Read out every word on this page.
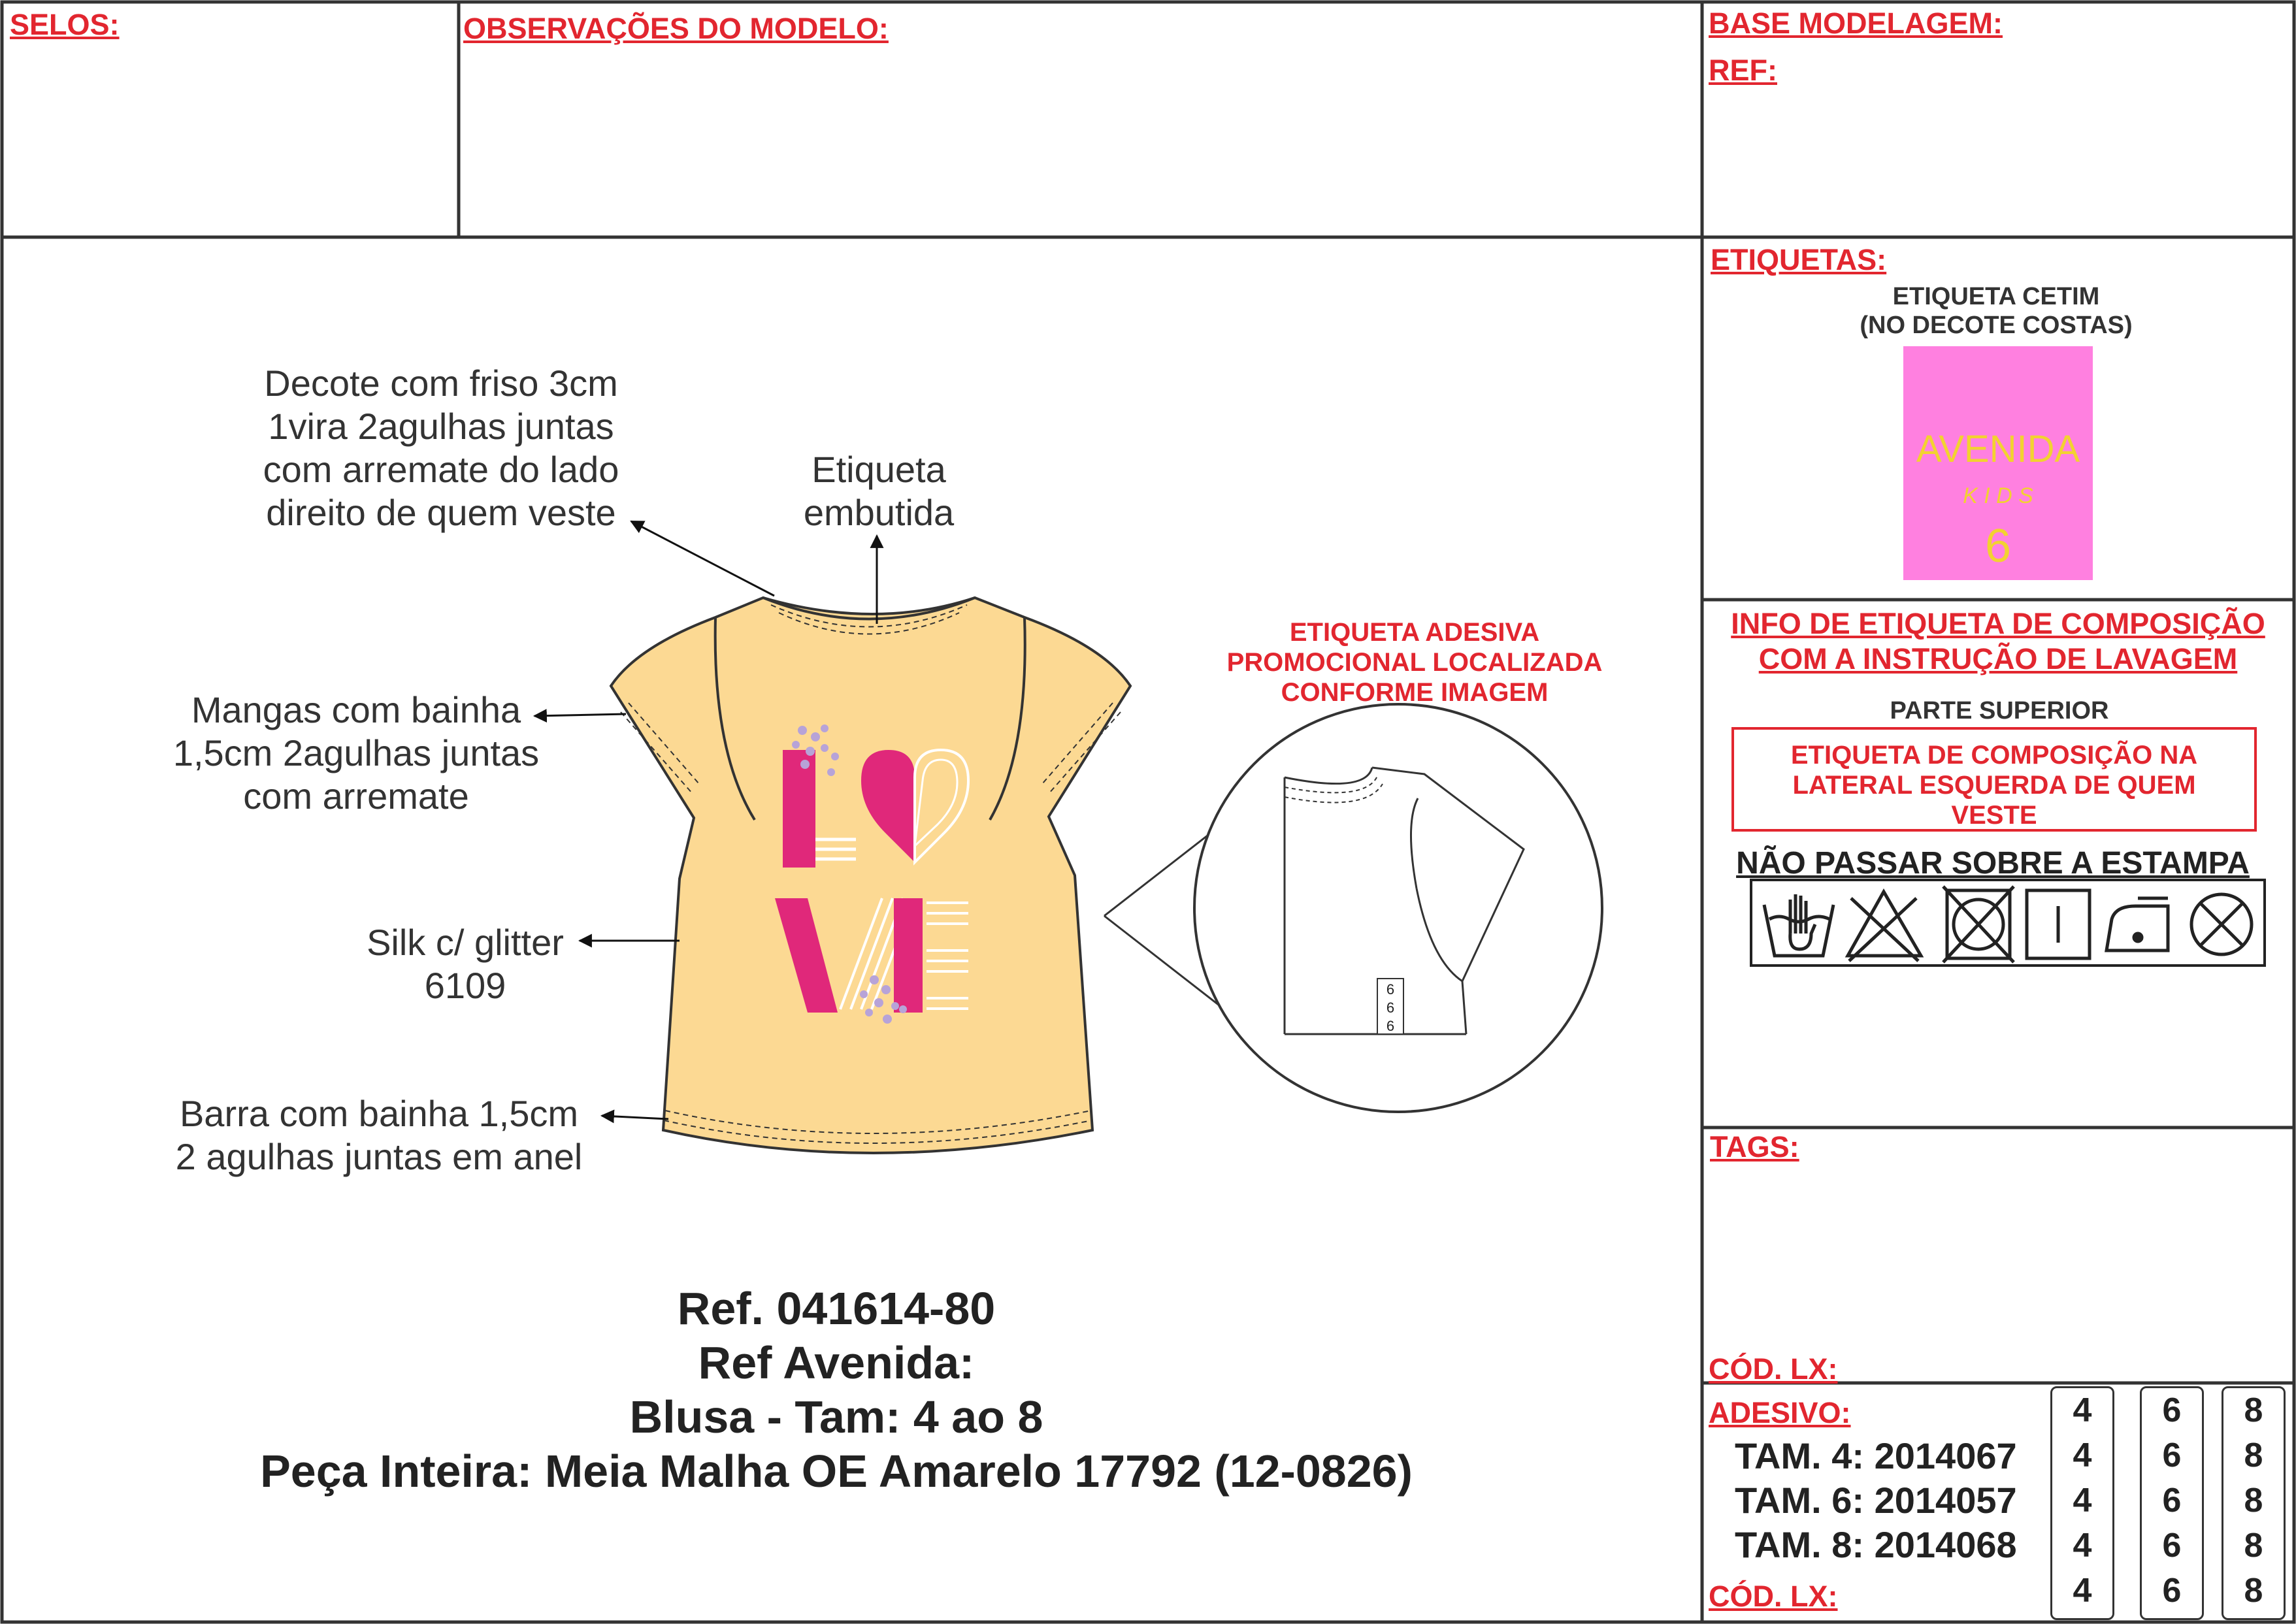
SELOS:	OBSERVAÇÕES DO MODELO:	BASE MODELAGEM:
REF:
ETIQUETAS:
ETIQUETA CETIM
(NO DECOTE COSTAS)
AVENIDA
K I D S
6
INFO DE ETIQUETA DE COMPOSIÇÃO
COM A INSTRUÇÃO DE LAVAGEM
PARTE SUPERIOR
ETIQUETA DE COMPOSIÇÃO NA
LATERAL ESQUERDA DE QUEM
VESTE
NÃO PASSAR SOBRE A ESTAMPA
TAGS:
CÓD. LX:
ADESIVO:
CÓD. LX:
TAM. 4: 2014067
TAM. 6: 2014057
TAM. 8: 2014068
4
4
4
4
4
6
6
6
6
6
8
8
8
8
8
6
6
6
Decote com friso 3cm
1vira 2agulhas juntas
com arremate do lado
direito de quem veste
Etiqueta
embutida
Mangas com bainha
1,5cm 2agulhas juntas
com arremate
Silk c/ glitter
6109
Barra com bainha 1,5cm
2 agulhas juntas em anel
ETIQUETA ADESIVA
PROMOCIONAL LOCALIZADA
CONFORME IMAGEM
Ref. 041614-80
Ref Avenida:
Blusa - Tam: 4 ao 8
Peça Inteira: Meia Malha OE Amarelo 17792 (12-0826)
